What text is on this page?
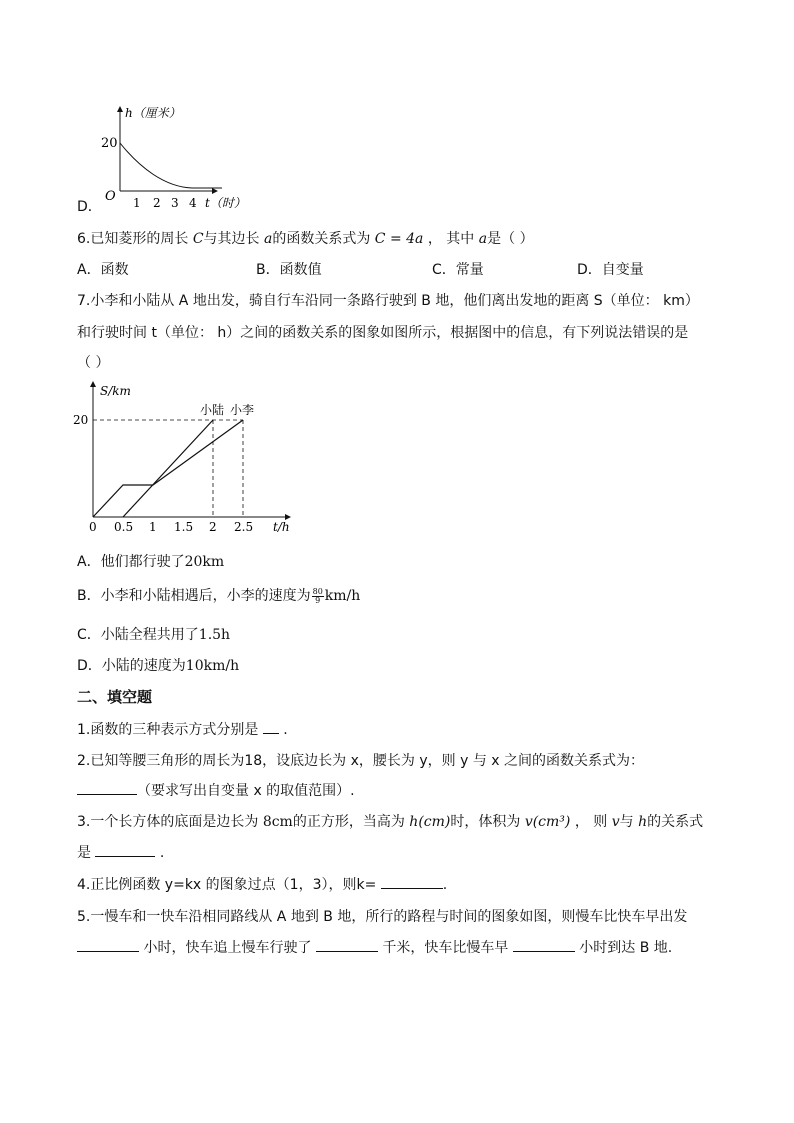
h（厘米）
20
O 1 2 3 4 t（时）
D．
6.已知菱形的周长 C与其边长 a的函数关系式为 C = 4a ， 其中 a是（ ）
A．函数	B．函数值	C．常量	D．自变量
7.小李和小陆从 A 地出发，骑自行车沿同一条路行驶到 B 地，他们离出发地的距离 S（单位： km）
和行驶时间 t（单位： h）之间的函数关系的图象如图所示，根据图中的信息，有下列说法错误的是
（ ）
S/km
20
小陆 小李
0 0.5 1 1.5 2 2.5 t/h
A．他们都行驶了20km
B．小李和小陆相遇后，小李的速度为 $\frac{80}{9} km/h$
C．小陆全程共用了1.5h
D．小陆的速度为10km/h
二、填空题
1.函数的三种表示方式分别是  .
2.已知等腰三角形的周长为18，设底边长为 x，腰长为 y，则 y 与 x 之间的函数关系式为：
（要求写出自变量 x 的取值范围）.
3.一个长方体的底面是边长为 8cm的正方形，当高为 h(cm)时，体积为 v(cm³) ， 则 v与 h的关系式
是	.
4.正比例函数 y=kx 的图象过点（1，3），则k=	.
5.一慢车和一快车沿相同路线从 A 地到 B 地，所行的路程与时间的图象如图，则慢车比快车早出发
小时，快车追上慢车行驶了	千米，快车比慢车早	小时到达 B 地.
